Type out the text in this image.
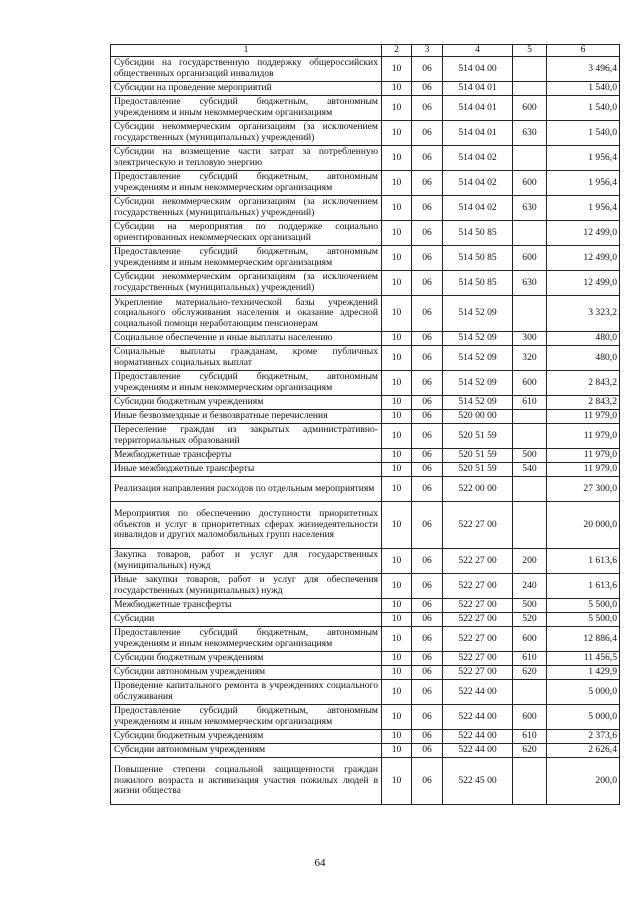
1	2	3	4	5	6
Субсидии на государственную поддержку общероссийских общественных организаций инвалидов	10	06	514 04 00		3 496,4
Субсидии на проведение мероприятий	10	06	514 04 01		1 540,0
Предоставление субсидий бюджетным, автономным учреждениям и иным некоммерческим организациям	10	06	514 04 01	600	1 540,0
Субсидии некоммерческим организациям (за исключением государственных (муниципальных) учреждений)	10	06	514 04 01	630	1 540,0
Субсидии на возмещение части затрат за потребленную электрическую и тепловую энергию	10	06	514 04 02		1 956,4
Предоставление субсидий бюджетным, автономным учреждениям и иным некоммерческим организациям	10	06	514 04 02	600	1 956,4
Субсидии некоммерческим организациям (за исключением государственных (муниципальных) учреждений)	10	06	514 04 02	630	1 956,4
Субсидии на мероприятия по поддержке социально ориентированных некоммерческих организаций	10	06	514 50 85		12 499,0
Предоставление субсидий бюджетным, автономным учреждениям и иным некоммерческим организациям	10	06	514 50 85	600	12 499,0
Субсидии некоммерческим организациям (за исключением государственных (муниципальных) учреждений)	10	06	514 50 85	630	12 499,0
Укрепление материально-технической базы учреждений социального обслуживания населения и оказание адресной социальной помощи неработающим пенсионерам	10	06	514 52 09		3 323,2
Социальное обеспечение и иные выплаты населению	10	06	514 52 09	300	480,0
Социальные выплаты гражданам, кроме публичных нормативных социальных выплат	10	06	514 52 09	320	480,0
Предоставление субсидий бюджетным, автономным учреждениям и иным некоммерческим организациям	10	06	514 52 09	600	2 843,2
Субсидии бюджетным учреждениям	10	06	514 52 09	610	2 843,2
Иные безвозмездные и безвозвратные перечисления	10	06	520 00 00		11 979,0
Переселение граждан из закрытых административно-территориальных образований	10	06	520 51 59		11 979,0
Межбюджетные трансферты	10	06	520 51 59	500	11 979,0
Иные межбюджетные трансферты	10	06	520 51 59	540	11 979,0
Реализация направления расходов по отдельным мероприятиям	10	06	522 00 00		27 300,0
Мероприятия по обеспечению доступности приоритетных объектов и услуг в приоритетных сферах жизнедеятельности инвалидов и других маломобильных групп населения	10	06	522 27 00		20 000,0
Закупка товаров, работ и услуг для государственных (муниципальных) нужд	10	06	522 27 00	200	1 613,6
Иные закупки товаров, работ и услуг для обеспечения государственных (муниципальных) нужд	10	06	522 27 00	240	1 613,6
Межбюджетные трансферты	10	06	522 27 00	500	5 500,0
Субсидии	10	06	522 27 00	520	5 500,0
Предоставление субсидий бюджетным, автономным учреждениям и иным некоммерческим организациям	10	06	522 27 00	600	12 886,4
Субсидии бюджетным учреждениям	10	06	522 27 00	610	11 456,5
Субсидии автономным учреждениям	10	06	522 27 00	620	1 429,9
Проведение капитального ремонта в учреждениях социального обслуживания	10	06	522 44 00		5 000,0
Предоставление субсидий бюджетным, автономным учреждениям и иным некоммерческим организациям	10	06	522 44 00	600	5 000,0
Субсидии бюджетным учреждениям	10	06	522 44 00	610	2 373,6
Субсидии автономным учреждениям	10	06	522 44 00	620	2 626,4
Повышение степени социальной защищенности граждан пожилого возраста и активизация участия пожилых людей в жизни общества	10	06	522 45 00		200,0
64
